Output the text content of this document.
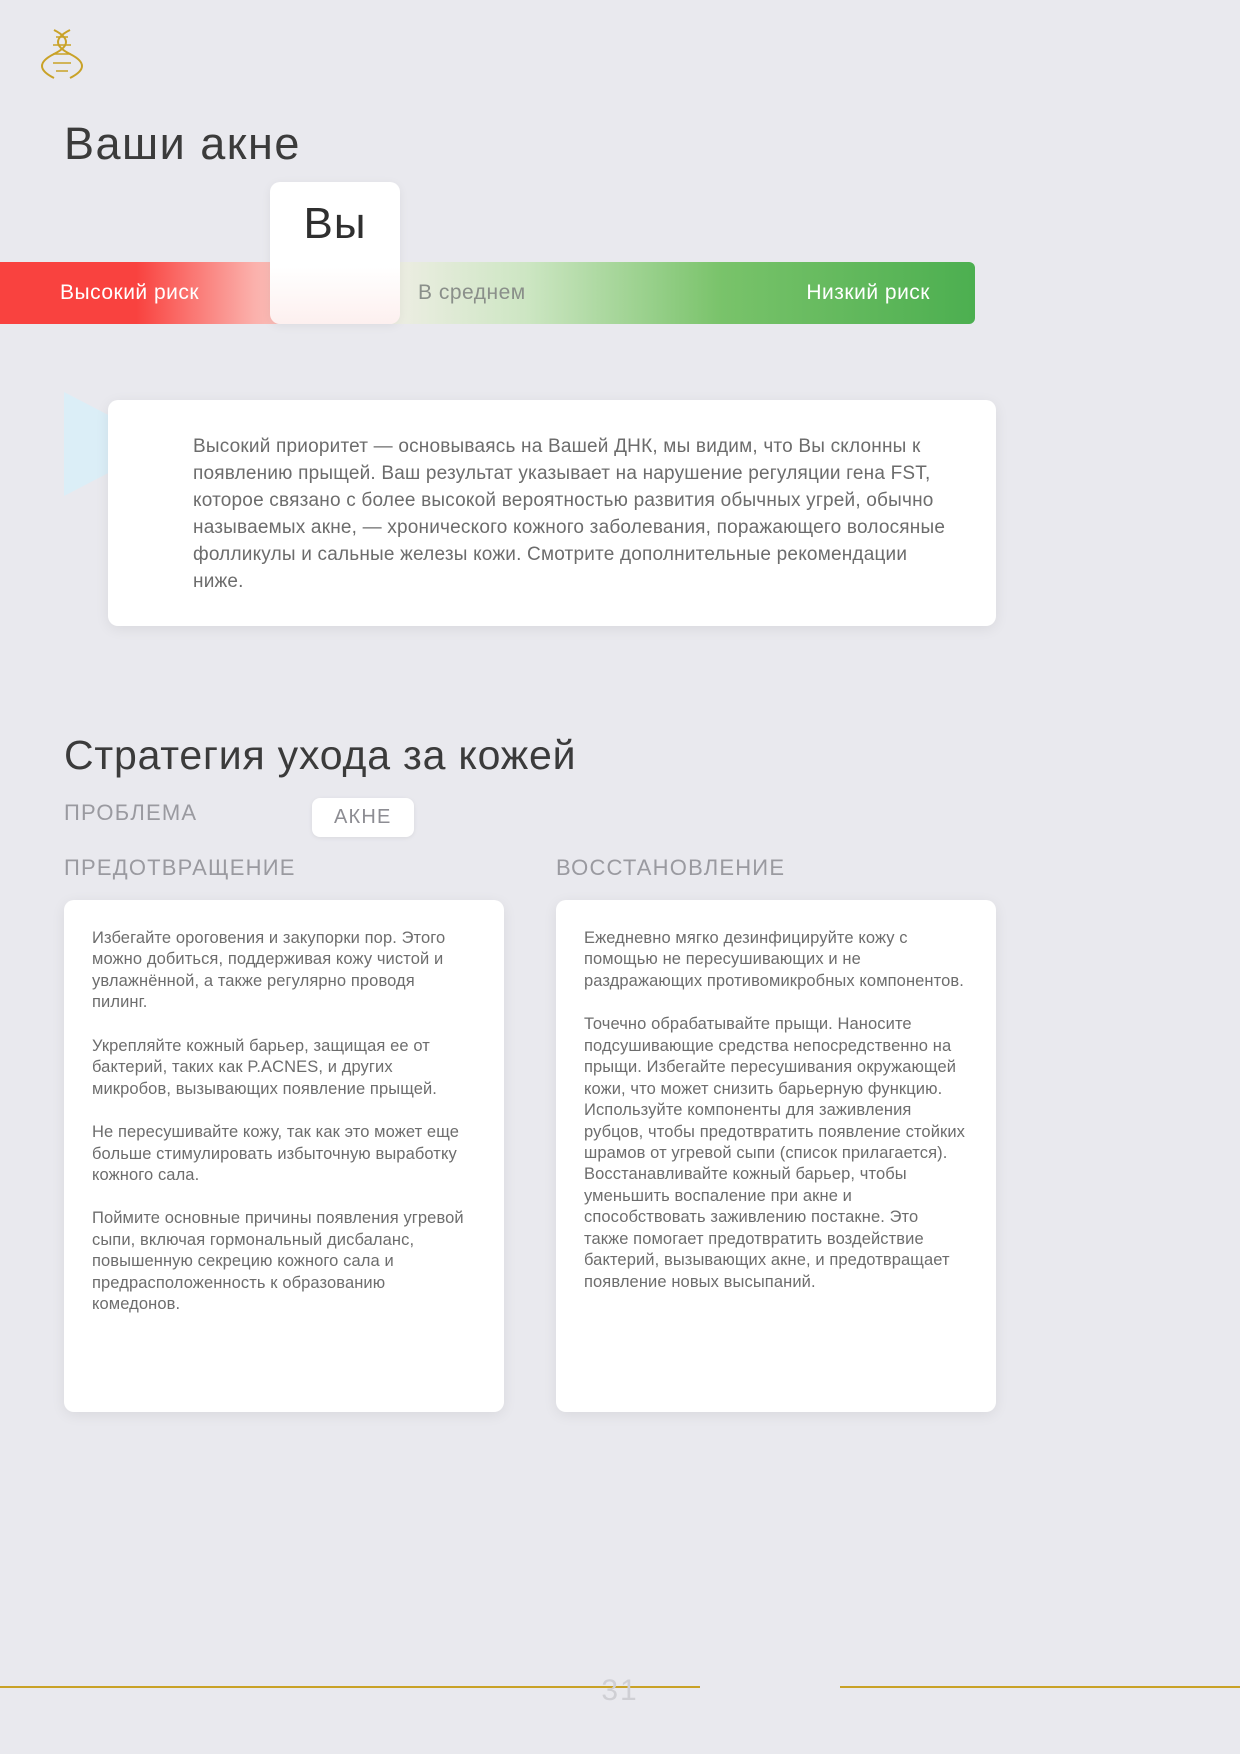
Ваши акне
Высокий риск	В среднем	Низкий риск
Вы

Высокий приоритет — основываясь на Вашей ДНК, мы видим, что Вы склонны к появлению прыщей. Ваш результат указывает на нарушение регуляции гена FST, которое связано с более высокой вероятностью развития обычных угрей, обычно называемых акне, — хронического кожного заболевания, поражающего волосяные фолликулы и сальные железы кожи. Смотрите дополнительные рекомендации ниже.

Стратегия ухода за кожей
ПРОБЛЕМА	АКНЕ
ПРЕДОТВРАЩЕНИЕ	ВОССТАНОВЛЕНИЕ

Избегайте ороговения и закупорки пор. Этого можно добиться, поддерживая кожу чистой и увлажнённой, а также регулярно проводя пилинг.

Укрепляйте кожный барьер, защищая ее от бактерий, таких как P.ACNES, и других микробов, вызывающих появление прыщей.

Не пересушивайте кожу, так как это может еще больше стимулировать избыточную выработку кожного сала.

Поймите основные причины появления угревой сыпи, включая гормональный дисбаланс, повышенную секрецию кожного сала и предрасположенность к образованию комедонов.

Ежедневно мягко дезинфицируйте кожу с помощью не пересушивающих и не раздражающих противомикробных компонентов.

Точечно обрабатывайте прыщи. Наносите подсушивающие средства непосредственно на прыщи. Избегайте пересушивания окружающей кожи, что может снизить барьерную функцию. Используйте компоненты для заживления рубцов, чтобы предотвратить появление стойких шрамов от угревой сыпи (список прилагается). Восстанавливайте кожный барьер, чтобы уменьшить воспаление при акне и способствовать заживлению постакне. Это также помогает предотвратить воздействие бактерий, вызывающих акне, и предотвращает появление новых высыпаний.

31
